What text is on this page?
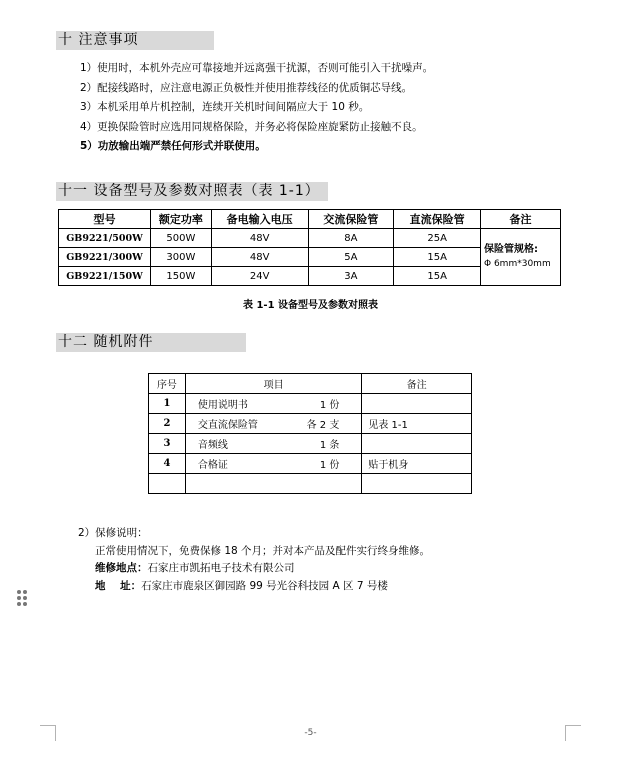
十 注意事项
1）使用时，本机外壳应可靠接地并远离强干扰源，否则可能引入干扰噪声。
2）配接线路时，应注意电源正负极性并使用推荐线径的优质铜芯导线。
3）本机采用单片机控制，连续开关机时间间隔应大于 10 秒。
4）更换保险管时应选用同规格保险，并务必将保险座旋紧防止接触不良。
5）功放输出端严禁任何形式并联使用。
十一 设备型号及参数对照表（表 1-1）
型号	额定功率	备电输入电压	交流保险管	直流保险管	备注
GB9221/500W	500W	48V	8A	25A	保险管规格:
Φ 6mm*30mm

GB9221/300W	300W	48V	5A	15A	
GB9221/150W	150W	24V	3A	15A	
表 1-1 设备型号及参数对照表
十二 随机附件
序号	项目	备注
1	使用说明书 1 份	

2	交直流保险管 各 2 支	见表 1-1
3	音频线 1 条	

4	合格证 1 份	贴于机身

2）保修说明：
正常使用情况下，免费保修 18 个月；并对本产品及配件实行终身维修。
维修地点：石家庄市凯拓电子技术有限公司
地    址：石家庄市鹿泉区御园路 99 号光谷科技园 A 区 7 号楼
-5-
